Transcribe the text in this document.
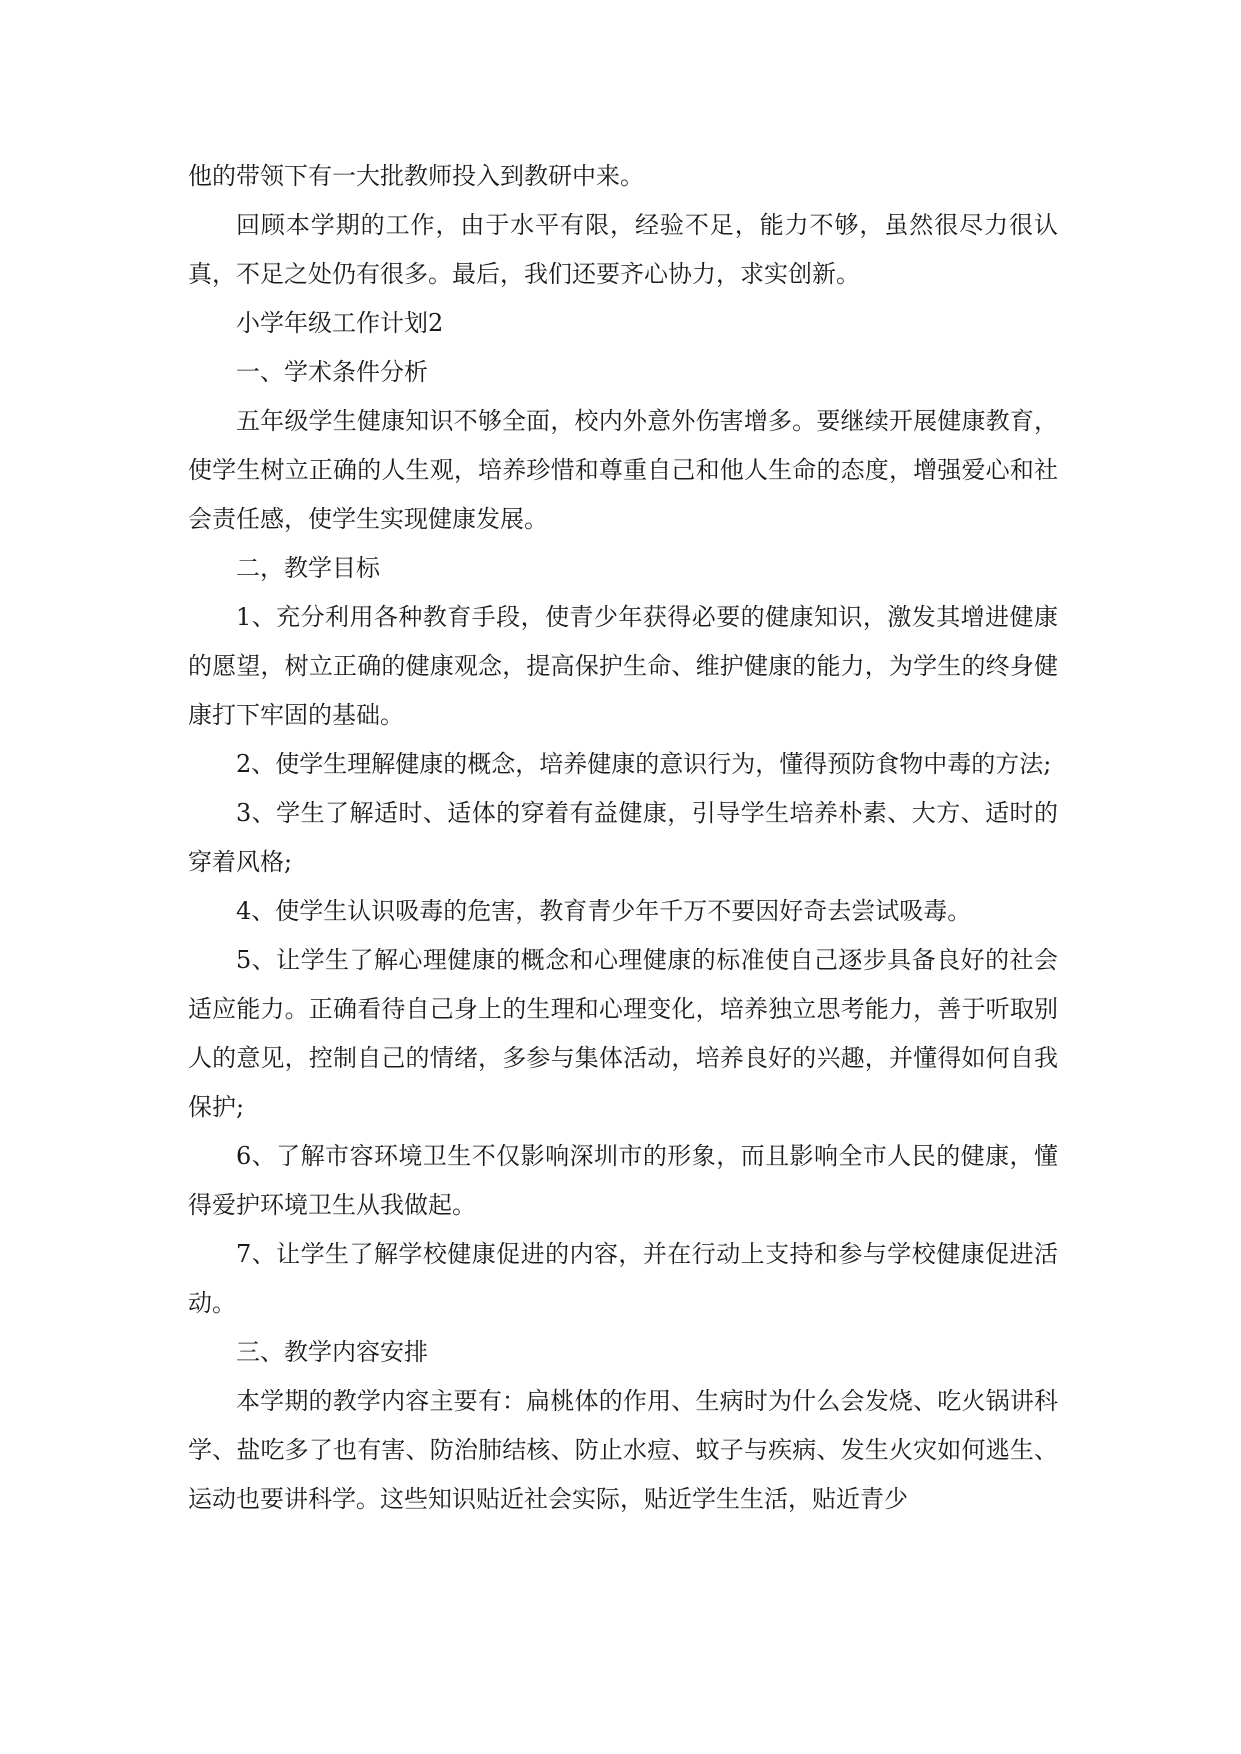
他的带领下有一大批教师投入到教研中来。

回顾本学期的工作，由于水平有限，经验不足，能力不够，虽然很尽力很认真，不足之处仍有很多。最后，我们还要齐心协力，求实创新。

小学年级工作计划2

一、学术条件分析

五年级学生健康知识不够全面，校内外意外伤害增多。要继续开展健康教育，使学生树立正确的人生观，培养珍惜和尊重自己和他人生命的态度，增强爱心和社会责任感，使学生实现健康发展。

二，教学目标

1、充分利用各种教育手段，使青少年获得必要的健康知识，激发其增进健康的愿望，树立正确的健康观念，提高保护生命、维护健康的能力，为学生的终身健康打下牢固的基础。

2、使学生理解健康的概念，培养健康的意识行为，懂得预防食物中毒的方法;

3、学生了解适时、适体的穿着有益健康，引导学生培养朴素、大方、适时的穿着风格;

4、使学生认识吸毒的危害，教育青少年千万不要因好奇去尝试吸毒。

5、让学生了解心理健康的概念和心理健康的标准使自己逐步具备良好的社会适应能力。正确看待自己身上的生理和心理变化，培养独立思考能力，善于听取别人的意见，控制自己的情绪，多参与集体活动，培养良好的兴趣，并懂得如何自我保护;

6、了解市容环境卫生不仅影响深圳市的形象，而且影响全市人民的健康，懂得爱护环境卫生从我做起。

7、让学生了解学校健康促进的内容，并在行动上支持和参与学校健康促进活动。

三、教学内容安排

本学期的教学内容主要有：扁桃体的作用、生病时为什么会发烧、吃火锅讲科学、盐吃多了也有害、防治肺结核、防止水痘、蚊子与疾病、发生火灾如何逃生、运动也要讲科学。这些知识贴近社会实际，贴近学生生活，贴近青少
